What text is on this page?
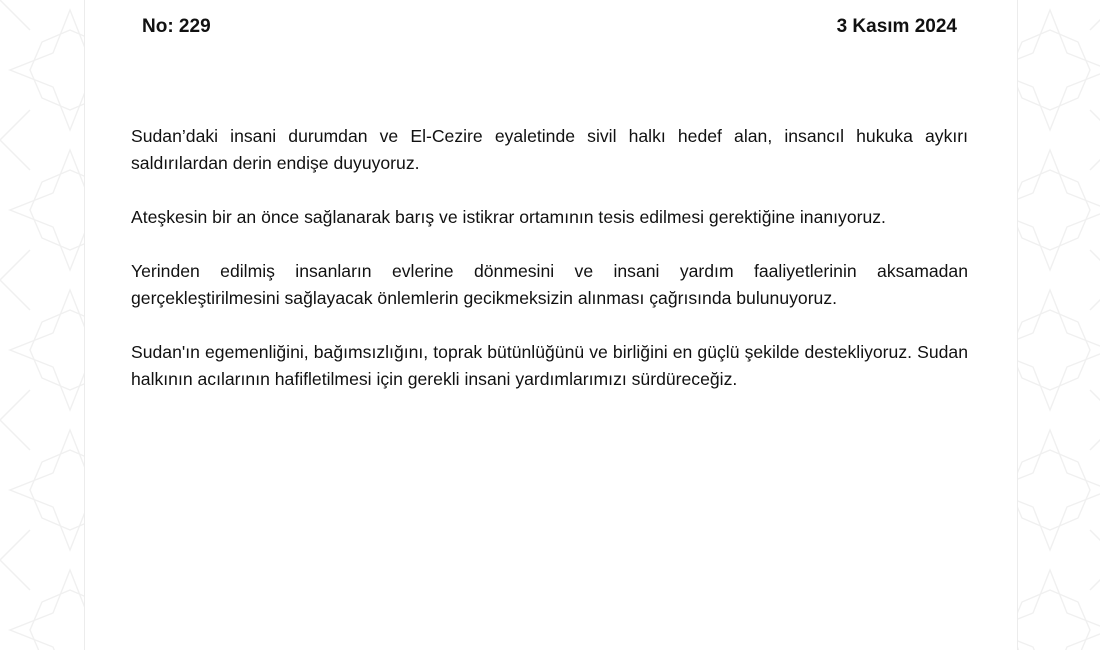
No: 229	3 Kasım 2024

Sudan’daki insani durumdan ve El-Cezire eyaletinde sivil halkı hedef alan, insancıl hukuka aykırı saldırılardan derin endişe duyuyoruz.

Ateşkesin bir an önce sağlanarak barış ve istikrar ortamının tesis edilmesi gerektiğine inanıyoruz.

Yerinden edilmiş insanların evlerine dönmesini ve insani yardım faaliyetlerinin aksamadan gerçekleştirilmesini sağlayacak önlemlerin gecikmeksizin alınması çağrısında bulunuyoruz.

Sudan'ın egemenliğini, bağımsızlığını, toprak bütünlüğünü ve birliğini en güçlü şekilde destekliyoruz. Sudan halkının acılarının hafifletilmesi için gerekli insani yardımlarımızı sürdüreceğiz.
